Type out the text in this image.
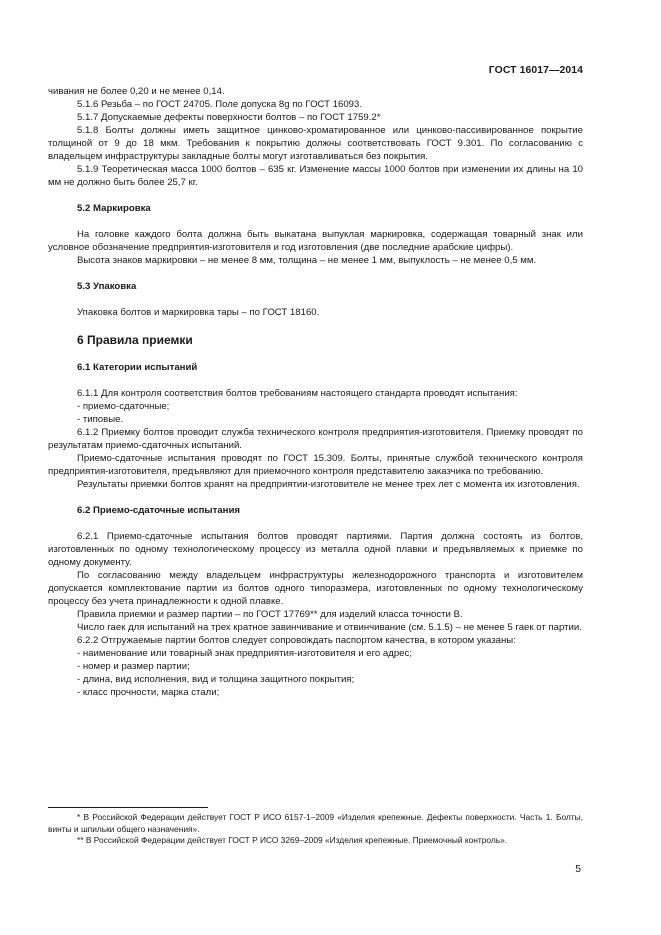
ГОСТ 16017—2014

чивания не более 0,20 и не менее 0,14.

5.1.6 Резьба – по ГОСТ 24705. Поле допуска 8g по ГОСТ 16093.

5.1.7 Допускаемые дефекты поверхности болтов – по ГОСТ 1759.2*

5.1.8 Болты должны иметь защитное цинково-хроматированное или цинково-пассивированное покрытие толщиной от 9 до 18 мкм. Требования к покрытию должны соответствовать ГОСТ 9.301. По согласованию с владельцем инфраструктуры закладные болты могут изготавливаться без покрытия.

5.1.9 Теоретическая масса 1000 болтов – 635 кг. Изменение массы 1000 болтов при изменении их длины на 10 мм не должно быть более 25,7 кг.

5.2 Маркировка

На головке каждого болта должна быть выкатана выпуклая маркировка, содержащая товарный знак или условное обозначение предприятия-изготовителя и год изготовления (две последние арабские цифры).

Высота знаков маркировки – не менее 8 мм, толщина – не менее 1 мм, выпуклость – не менее 0,5 мм.

5.3 Упаковка

Упаковка болтов и маркировка тары – по ГОСТ 18160.

6 Правила приемки
6.1 Категории испытаний

6.1.1 Для контроля соответствия болтов требованиям настоящего стандарта проводят испытания:

- приемо-сдаточные;

- типовые.

6.1.2 Приемку болтов проводит служба технического контроля предприятия-изготовителя. Приемку проводят по результатам приемо-сдаточных испытаний.

Приемо-сдаточные испытания проводят по ГОСТ 15.309. Болты, принятые службой технического контроля предприятия-изготовителя, предъявляют для приемочного контроля представителю заказчика по требованию.

Результаты приемки болтов хранят на предприятии-изготовителе не менее трех лет с момента их изготовления.

6.2 Приемо-сдаточные испытания

6.2.1 Приемо-сдаточные испытания болтов проводят партиями. Партия должна состоять из болтов, изготовленных по одному технологическому процессу из металла одной плавки и предъявляемых к приемке по одному документу.

По согласованию между владельцем инфраструктуры железнодорожного транспорта и изготовителем допускается комплектование партии из болтов одного типоразмера, изготовленных по одному технологическому процессу без учета принадлежности к одной плавке.

Правила приемки и размер партии – по ГОСТ 17769** для изделий класса точности В.

Число гаек для испытаний на трех кратное завинчивание и отвинчивание (см. 5.1.5) – не менее 5 гаек от партии.

6.2.2 Отгружаемые партии болтов следует сопровождать паспортом качества, в котором указаны:

- наименование или товарный знак предприятия-изготовителя и его адрес;

- номер и размер партии;

- длина, вид исполнения, вид и толщина защитного покрытия;

- класс прочности, марка стали;

* В Российской Федерации действует ГОСТ Р ИСО 6157-1–2009 «Изделия крепежные. Дефекты поверхности. Часть 1. Болты, винты и шпильки общего назначения».

** В Российской Федерации действует ГОСТ Р ИСО 3269–2009 «Изделия крепежные. Приемочный контроль».

5
